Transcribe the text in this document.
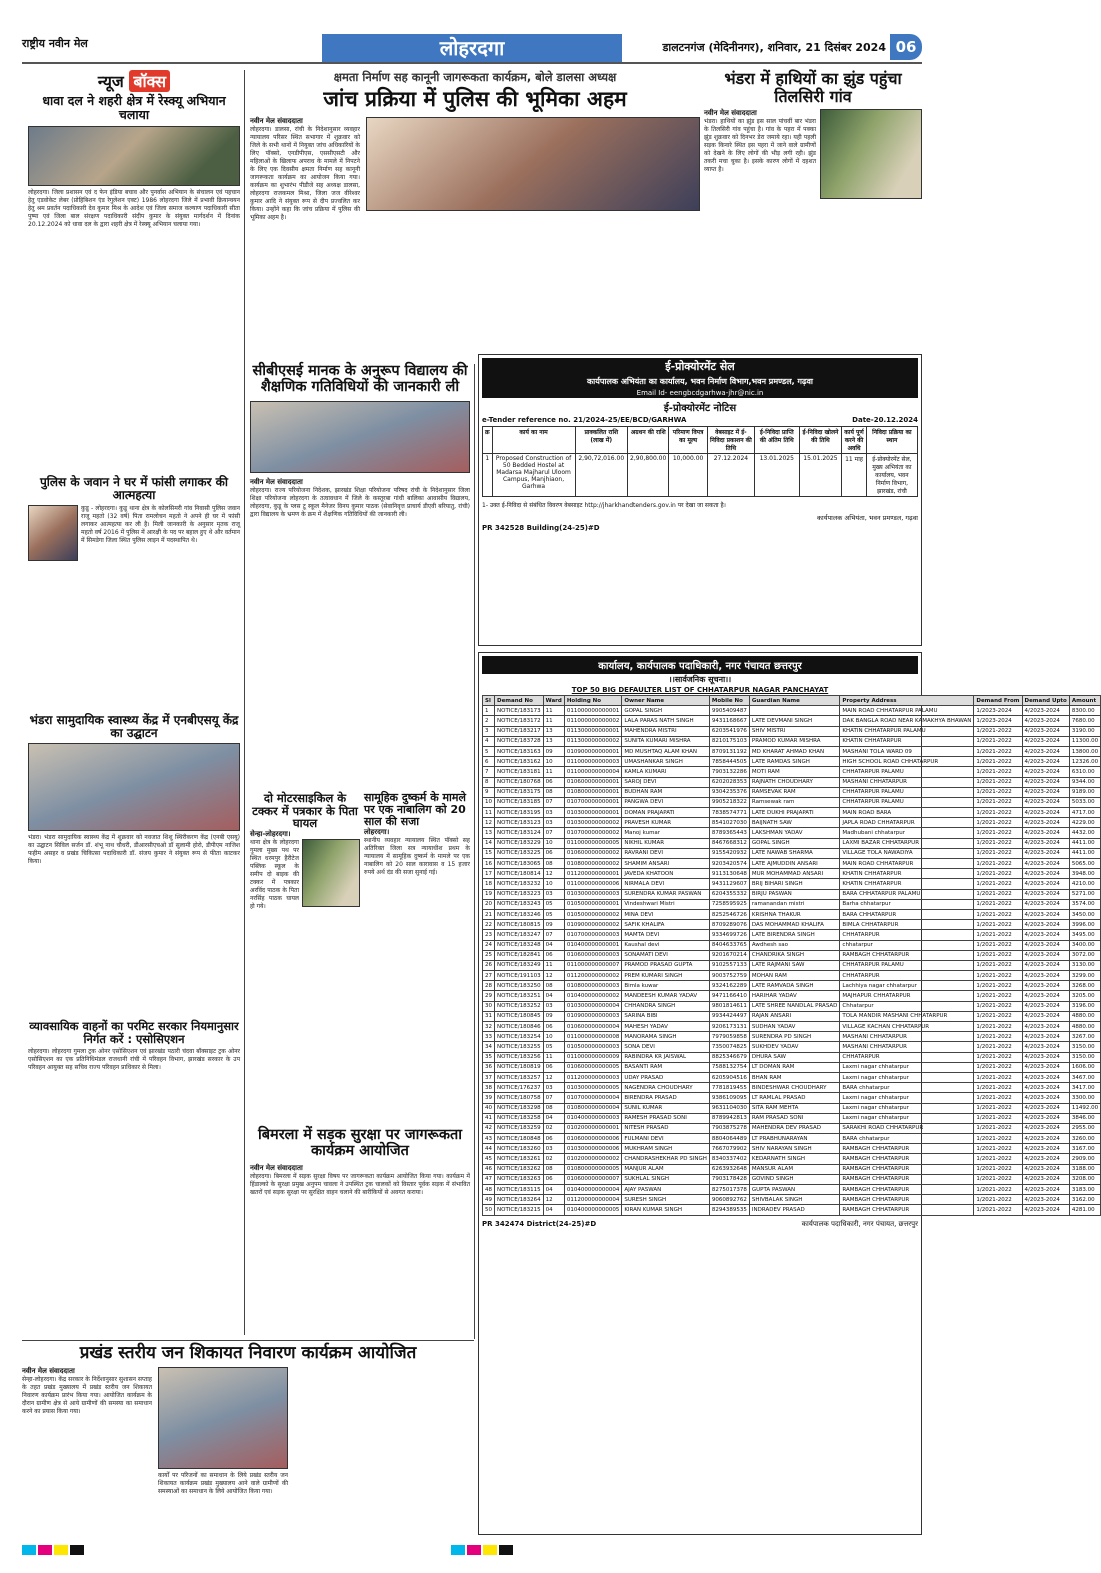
राष्ट्रीय नवीन मेल	लोहरदगा	डालटनगंज (मेदिनीनगर), शनिवार, 21 दिसंबर 2024 06
न्यूज बॉक्स
धावा दल ने शहरी क्षेत्र में रेस्क्यू अभियान चलाया
लोहरदगा। जिला प्रशासन एवं द फेन इंडिया बचाव और पुनर्वास अभियान के संचालन एवं पहचान हेतु एडवोकेट लेबर (प्रोहिबिशन एंड रेगुलेशन एक्ट) 1986 लोहरदगा जिले में प्रभावी क्रियान्वयन हेतु श्रम प्रवर्तन पदाधिकारी देव कुमार मिश्र के आदेश एवं जिला समाज कल्याण पदाधिकारी सीता पुष्पा एवं जिला बाल संरक्षण पदाधिकारी संदीप कुमार के संयुक्त मार्गदर्शन में दिनांक 20.12.2024 को धावा दल के द्वारा शहरी क्षेत्र में रेस्क्यू अभियान चलाया गया।
पुलिस के जवान ने घर में फांसी लगाकर की आत्महत्या
कुडू - लोहरदगा। कुडू थाना क्षेत्र के कोलसिमरी गांव निवासी पुलिस जवान राजू महतो (32 वर्ष) पिता रामलोचन महतो ने अपने ही घर में फांसी लगाकर आत्महत्या कर ली है। मिली जानकारी के अनुसार मृतक राजू महतो वर्ष 2016 में पुलिस में आरक्षी के पद पर बहाल हुए थे और वर्तमान में सिमडेगा जिला स्थित पुलिस लाइन में पदस्थापित थे।
भंडरा सामुदायिक स्वास्थ्य केंद्र में एनबीएसयू केंद्र का उद्घाटन
भंडरा। भंडरा सामुदायिक स्वास्थ्य केंद्र में शुक्रवार को नवजात शिशु स्थिरीकरण केंद्र (एनबी एसयू) का उद्घाटन सिविल सर्जन डॉ. शंभू नाथ चौधरी, डीआरसीएचओ डॉ सुलामी होरो, डीपीएम नाजिश फहीम असहर व प्रखंड चिकित्सा पदाधिकारी डॉ. संजय कुमार ने संयुक्त रूप से फीता काटकर किया।
व्यावसायिक वाहनों का परमिट सरकार नियमानुसार निर्गत करें : एसोसिएशन
लोहरदगा। लोहरदगा गुमला ट्रक ओनर एसोसिएशन एवं झारखंड पठारी चंदवा बॉक्साइट ट्रक ओनर एसोसिएशन का एक प्रतिनिधिमंडल राजधानी रांची में परिवहन विभाग, झारखंड सरकार के उप परिवहन आयुक्त सह सचिव राज्य परिवहन प्राधिकार से मिला।
क्षमता निर्माण सह कानूनी जागरूकता कार्यक्रम, बोले डालसा अध्यक्ष
जांच प्रक्रिया में पुलिस की भूमिका अहम
नवीन मेल संवाददाता
लोहरदगा। डालसा, रांची के निदेशानुसार व्यवहार न्यायालय परिसर स्थित सभागार में शुक्रवार को जिले के सभी थानों में नियुक्त जांच अधिकारियों के लिए पॉक्सो, एनडीपीएस, एससीएसटी और महिलाओं के खिलाफ अपराध के मामले में निपटने के लिए एक दिवसीय क्षमता निर्माण सह कानूनी जागरूकता कार्यक्रम का आयोजन किया गया। कार्यक्रम का शुभारंभ पीडीजे सह अध्यक्ष डालसा, लोहरदगा राजकमल मिश्रा, जिला जज वीरेश्वर कुमार आदि ने संयुक्त रूप से दीप प्रज्वलित कर किया। उन्होंने कहा कि जांच प्रक्रिया में पुलिस की भूमिका अहम है।
सीबीएसई मानक के अनुरूप विद्यालय की शैक्षणिक गतिविधियों की जानकारी ली
नवीन मेल संवाददाता
लोहरदगा। राज्य परियोजना निदेशक, झारखंड शिक्षा परियोजना परिषद रांची के निदेशानुसार जिला शिक्षा परियोजना लोहरदगा के तत्वावधान में जिले के कस्तूरबा गांधी बालिका आवासीय विद्यालय, लोहरदगा, कुडू के प्लस टू स्कूल मैनेजर विनय कुमार पाठक (सेवानिवृत्त प्राचार्य डीएवी बरियातु, रांची) द्वारा विद्यालय के भ्रमण के क्रम में शैक्षणिक गतिविधियों की जानकारी ली।
दो मोटरसाइकिल के टक्कर में पत्रकार के पिता घायल
सेन्हा-लोहरदगा।
थाना क्षेत्र के लोहरदगा गुमला मुख्य पथ पर स्थित धरमपुर हैरीटेज पब्लिक स्कूल के समीप दो बाइक की टक्कर में पत्रकार अरविंद पाठक के पिता नरसिंह पाठक घायल हो गये।
सामूहिक दुष्कर्म के मामले पर एक नाबालिग को 20 साल की सजा
लोहरदगा।
स्थानीय व्यवहार न्यायालय स्थित पॉक्सो सह अतिरिक्त जिला सत्र न्यायाधीश प्रथम के न्यायालय में सामूहिक दुष्कर्म के मामले पर एक नाबालिग को 20 साल कारावास व 15 हजार रुपये अर्थ दंड की सजा सुनाई गई।
बिमरला में सड़क सुरक्षा पर जागरूकता कार्यक्रम आयोजित
नवीन मेल संवाददाता
लोहरदगा। बिमरला में सड़क सुरक्षा विषय पर जागरूकता कार्यक्रम आयोजित किया गया। कार्यक्रम में हिंडाल्को के सुरक्षा प्रमुख अनुपम चावला ने उपस्थित ट्रक चालकों को विस्तार पूर्वक सड़क में संभावित खतरों एवं सड़क सुरक्षा पर सुरक्षित वाहन चलाने की बारीकियों से अवगत कराया।
भंडरा में हाथियों का झुंड पहुंचा तिलसिरी गांव
नवीन मेल संवाददाता
भंडरा। हाथियों का झुंड इस साल पांचवीं बार भंडरा के तिलसिरी गांव पहुंचा है। गांव के पहरा में पक्का झुंड शुक्रवार को दिनभर डेरा जमाये रहा। यही पहली सड़क किनारे स्थित इस पहरा में जाने वाले ग्रामीणों को देखने के लिए लोगों की भीड़ लगी रही। झुंड तकरी मचा चुका है। इसके कारण लोगों में दहशत व्याप्त है।
ई-प्रोक्योरमेंट सेल
कार्यपालक अभियंता का कार्यालय, भवन निर्माण विभाग,भवन प्रमण्डल, गढ़वा
Email Id- eengbcdgarhwa-jhr@nic.in
ई-प्रोक्योरमेंट नोटिस
e-Tender reference no. 21/2024-25/EE/BCD/GARHWA	Date-20.12.2024
क्र	कार्य का नाम	प्राक्कलित राशि (लाख में)	अग्रधन की राशि	परिमाण विपत्र का मूल्य	वेबसाइट में ई-निविदा प्रकाशन की तिथि	ई-निविदा प्राप्ति की अंतिम तिथि	ई-निविदा खोलने की तिथि	कार्य पूर्ण करने की अवधि	निविदा प्रक्रिया का स्थान
1	Proposed Construction of 50 Bedded Hostel at Madarsa Majharul Uloom Campus, Manjhiaon, Garhwa	2,90,72,016.00	2,90,800.00	10,000.00	27.12.2024	13.01.2025	15.01.2025	11 माह	ई-प्रोक्योरमेंट सेल, मुख्य अभियंता का कार्यालय, भवन निर्माण विभाग, झारखंड, रांची
1- उक्त ई-निविदा से संबंधित विवरण वेबसाइट http://jharkhandtenders.gov.in पर देखा जा सकता है।
कार्यपालक अभियंता, भवन प्रमण्डल, गढ़वा
PR 342528 Building(24-25)#D
कार्यालय, कार्यपालक पदाधिकारी, नगर पंचायत छत्तरपुर
।।सार्वजनिक सूचना।।
TOP 50 BIG DEFAULTER LIST OF CHHATARPUR NAGAR PANCHAYAT
Sl	Demand No	Ward	Holding No	Owner Name	Mobile No	Guardian Name	Property Address	Demand From	Demand Upto	Amount
1	NOTICE/183173	11	011000000000001	GOPAL SINGH	9905409487		MAIN ROAD CHHATARPUR PALAMU	1/2023-2024	4/2023-2024	8300.00
2	NOTICE/183172	11	011000000000002	LALA PARAS NATH SINGH	9431168667	LATE DEVMANI SINGH	DAK BANGLA ROAD NEAR KAMAKHYA BHAWAN	1/2023-2024	4/2023-2024	7680.00
3	NOTICE/183217	13	011300000000001	MAHENDRA MISTRI	6203541976	SHIV MISTRI	KHATIN CHHATARPUR PALAMU	1/2021-2022	4/2023-2024	3190.00
4	NOTICE/183728	13	011300000000002	SUNITA KUMARI MISHRA	8210175103	PRAMOD KUMAR MISHRA	KHATIN CHHATARPUR	1/2021-2022	4/2023-2024	11300.00
5	NOTICE/183163	09	010900000000001	MD MUSHTAQ ALAM KHAN	8709131192	MD KHARAT AHMAD KHAN	MASHANI TOLA WARD 09	1/2021-2022	4/2023-2024	13800.00
6	NOTICE/183162	10	011000000000003	UMASHANKAR SINGH	7858444505	LATE RAMDAS SINGH	HIGH SCHOOL ROAD CHHATARPUR	1/2021-2022	4/2023-2024	12326.00
7	NOTICE/183181	11	011000000000004	KAMLA KUMARI	7903132286	MOTI RAM	CHHATARPUR PALAMU	1/2021-2022	4/2023-2024	6310.00
8	NOTICE/180768	06	010600000000001	SAROJ DEVI	6202028353	RAJNATH CHOUDHARY	MASHANI CHHATARPUR	1/2021-2022	4/2023-2024	9344.00
9	NOTICE/183175	08	010800000000001	BUDHAN RAM	9304235376	RAMSEVAK RAM	CHHATARPUR PALAMU	1/2021-2022	4/2023-2024	9189.00
10	NOTICE/183185	07	010700000000001	PANGWA DEVI	9905218322	Ramsewak ram	CHHATARPUR PALAMU	1/2021-2022	4/2023-2024	5033.00
11	NOTICE/183195	03	010300000000001	DOMAN PRAJAPATI	7838574771	LATE DUKHI PRAJAPATI	MAIN ROAD BARA	1/2021-2022	4/2023-2024	4717.00
12	NOTICE/183123	03	010300000000002	PRAVESH KUMAR	8541027030	BAIJNATH SAW	JAPLA ROAD CHHATARPUR	1/2021-2022	4/2023-2024	4229.00
13	NOTICE/183124	07	010700000000002	Manoj kumar	8789365443	LAKSHMAN YADAV	Madhubani chhatarpur	1/2021-2022	4/2023-2024	4432.00
14	NOTICE/183229	10	011000000000005	NIKHIL KUMAR	8467668312	GOPAL SINGH	LAXMI BAZAR CHHATARPUR	1/2021-2022	4/2023-2024	4411.00
15	NOTICE/183225	06	010600000000002	RAVRANI DEVI	9155420932	LATE NAWAB SHARMA	VILLAGE TOLA NAWADIYA	1/2021-2022	4/2023-2024	4411.00
16	NOTICE/183065	08	010800000000002	SHAMIM ANSARI	9203420574	LATE AJMUDDIN ANSARI	MAIN ROAD CHHATARPUR	1/2021-2022	4/2023-2024	5065.00
17	NOTICE/180814	12	011200000000001	JAVEDA KHATOON	9113130648	MUR MOHAMMAD ANSARI	KHATIN CHHATARPUR	1/2021-2022	4/2023-2024	3948.00
18	NOTICE/183232	10	011000000000006	NIRMALA DEVI	9431129607	BRIJ BIHARI SINGH	KHATIN CHHATARPUR	1/2021-2022	4/2023-2024	4210.00
19	NOTICE/183223	03	010300000000003	SURENDRA KUMAR PASWAN	6204355332	BIRJU PASWAN	BARA CHHATARPUR PALAMU	1/2021-2022	4/2023-2024	5271.00
20	NOTICE/183243	05	010500000000001	Vindeshwari Mistri	7258595925	ramanandan mistri	Barha chhatarpur	1/2021-2022	4/2023-2024	3574.00
21	NOTICE/183246	05	010500000000002	MINA DEVI	8252546726	KRISHNA THAKUR	BARA CHHATARPUR	1/2021-2022	4/2023-2024	3450.00
22	NOTICE/180815	09	010900000000002	SAFIK KHALIFA	8709289076	DAS MOHAMMAD KHALIFA	BIMLA CHHATARPUR	1/2021-2022	4/2023-2024	3996.00
23	NOTICE/183247	07	010700000000003	MAMTA DEVI	9334699726	LATE BIRENDRA SINGH	CHHATARPUR	1/2021-2022	4/2023-2024	3495.00
24	NOTICE/183248	04	010400000000001	Kaushal devi	8404633765	Awdhesh sao	chhatarpur	1/2021-2022	4/2023-2024	3400.00
25	NOTICE/182841	06	010600000000003	SONAMATI DEVI	9201670214	CHANDRIKA SINGH	RAMBAGH CHHATARPUR	1/2021-2022	4/2023-2024	3072.00
26	NOTICE/183249	11	011000000000007	PRAMOD PRASAD GUPTA	9102557133	LATE RAJMANI SAW	CHHATARPUR PALAMU	1/2021-2022	4/2023-2024	3130.00
27	NOTICE/191103	12	011200000000002	PREM KUMARI SINGH	9003752759	MOHAN RAM	CHHATARPUR	1/2021-2022	4/2023-2024	3299.00
28	NOTICE/183250	08	010800000000003	Bimla kuwar	9324162289	LATE RAMVADA SINGH	Lachhiya nagar chhatarpur	1/2021-2022	4/2023-2024	3268.00
29	NOTICE/183251	04	010400000000002	MANDEESH KUMAR YADAV	9471166410	HARIHAR YADAV	MAJHAPUR CHHATARPUR	1/2021-2022	4/2023-2024	3205.00
30	NOTICE/183252	03	010300000000004	CHHANDRA SINGH	9801814611	LATE SHREE NANDLAL PRASAD	Chhatarpur	1/2021-2022	4/2023-2024	3196.00
31	NOTICE/180845	09	010900000000003	SARINA BIBI	9934424497	RAJAN ANSARI	TOLA MANDIR MASHANI CHHATARPUR	1/2021-2022	4/2023-2024	4880.00
32	NOTICE/180846	06	010600000000004	MAHESH YADAV	9206173131	SUDHAN YADAV	VILLAGE KACHAN CHHATARPUR	1/2021-2022	4/2023-2024	4880.00
33	NOTICE/183254	10	011000000000008	MANORAMA SINGH	7979059858	SURENDRA PD SINGH	MASHANI CHHATARPUR	1/2021-2022	4/2023-2024	3267.00
34	NOTICE/183255	05	010500000000003	SONA DEVI	7350074825	SUKHDEV YADAV	MASHANI CHHATARPUR	1/2021-2022	4/2023-2024	3150.00
35	NOTICE/183256	11	011000000000009	RABINDRA KR JAISWAL	8825346679	DHURA SAW	CHHATARPUR	1/2021-2022	4/2023-2024	3150.00
36	NOTICE/180819	06	010600000000005	BASANTI RAM	7588132754	LT DOMAN RAM	Laxmi nagar chhatarpur	1/2021-2022	4/2023-2024	1606.00
37	NOTICE/183257	12	011200000000003	UDAY PRASAD	6205904516	BHAN RAM	Laxmi nagar chhatarpur	1/2021-2022	4/2023-2024	3467.00
38	NOTICE/176237	03	010300000000005	NAGENDRA CHOUDHARY	7781819455	BINDESHWAR CHOUDHARY	BARA chhatarpur	1/2021-2022	4/2023-2024	3417.00
39	NOTICE/180758	07	010700000000004	BIRENDRA PRASAD	9386109095	LT RAMLAL PRASAD	Laxmi nagar chhatarpur	1/2021-2022	4/2023-2024	3300.00
40	NOTICE/183298	08	010800000000004	SUNIL KUMAR	9631104030	SITA RAM MEHTA	Laxmi nagar chhatarpur	1/2021-2022	4/2023-2024	11492.00
41	NOTICE/183258	04	010400000000003	RAMESH PRASAD SONI	8789942813	RAM PRASAD SONI	Laxmi nagar chhatarpur	1/2021-2022	4/2023-2024	3846.00
42	NOTICE/183259	02	010200000000001	NITESH PRASAD	7903875278	MAHENDRA DEV PRASAD	SARAKHI ROAD CHHATARPUR	1/2021-2022	4/2023-2024	2955.00
43	NOTICE/180848	06	010600000000006	FULMANI DEVI	8804064489	LT PRABHUNARAYAN	BARA chhatarpur	1/2021-2022	4/2023-2024	3260.00
44	NOTICE/183260	03	010300000000006	MUKHRAM SINGH	7667079902	SHIV NARAYAN SINGH	RAMBAGH CHHATARPUR	1/2021-2022	4/2023-2024	3167.00
45	NOTICE/183261	02	010200000000002	CHANDRASHEKHAR PD SINGH	8340337402	KEDARNATH SINGH	RAMBAGH CHHATARPUR	1/2021-2022	4/2023-2024	2909.00
46	NOTICE/183262	08	010800000000005	MANJUR ALAM	6263932648	MANSUR ALAM	RAMBAGH CHHATARPUR	1/2021-2022	4/2023-2024	3188.00
47	NOTICE/183263	06	010600000000007	SUKHLAL SINGH	7903178428	GOVIND SINGH	RAMBAGH CHHATARPUR	1/2021-2022	4/2023-2024	3208.00
48	NOTICE/183115	04	010400000000004	AJAY PASWAN	8275017378	GUPTA PASWAN	RAMBAGH CHHATARPUR	1/2021-2022	4/2023-2024	3183.00
49	NOTICE/183264	12	011200000000004	SURESH SINGH	9060892762	SHIVBALAK SINGH	RAMBAGH CHHATARPUR	1/2021-2022	4/2023-2024	3162.00
50	NOTICE/183215	04	010400000000005	KIRAN KUMAR SINGH	8294389535	INDRADEV PRASAD	RAMBAGH CHHATARPUR	1/2021-2022	4/2023-2024	4281.00
PR 342474 District(24-25)#D	कार्यपालक पदाधिकारी, नगर पंचायत, छत्तरपुर
प्रखंड स्तरीय जन शिकायत निवारण कार्यक्रम आयोजित
नवीन मेल संवाददाता
सेन्हा-लोहरदगा। केंद्र सरकार के निर्देशानुसार सुशासन सप्ताह के तहत प्रखंड मुख्यालय में प्रखंड स्तरीय जन शिकायत निवारण कार्यक्रम प्रारंभ किया गया। आयोजित कार्यक्रम के दौरान ग्रामीण क्षेत्र से आये ग्रामीणों की समस्या का समाधान करने का प्रयास किया गया।
कार्यों पर परिजनों का समाधान के लिये प्रखंड स्तरीय जन शिकायत कार्यक्रम प्रखंड मुख्यालय आने वाले ग्रामीणों की समस्याओं का समाधान के लिये आयोजित किया गया।
